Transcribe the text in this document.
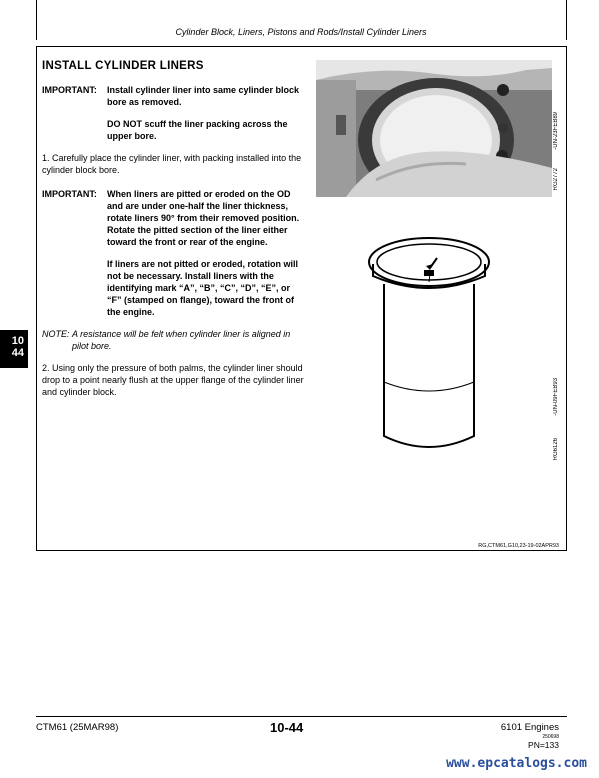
Cylinder Block, Liners, Pistons and Rods/Install Cylinder Liners
INSTALL CYLINDER LINERS
IMPORTANT:	Install cylinder liner into same cylinder block bore as removed.

DO NOT scuff the liner packing across the upper bore.

1. Carefully place the cylinder liner, with packing installed into the cylinder block bore.

IMPORTANT:	When liners are pitted or eroded on the OD and are under one-half the liner thickness, rotate liners 90° from their removed position. Rotate the pitted section of the liner either toward the front or rear of the engine.

If liners are not pitted or eroded, rotation will not be necessary. Install liners with the identifying mark “A”, “B”, “C”, “D”, “E”, or “F” (stamped on flange), toward the front of the engine.

NOTE: A resistance will be felt when cylinder liner is aligned in pilot bore.

2. Using only the pressure of both palms, the cylinder liner should drop to a point nearly flush at the upper flange of the cylinder liner and cylinder block.

-UN-23FEB89
RG2772
-UN-09FEB93
RG6126
RG,CTM61,G10,23-19-02APR93
10
44
CTM61 (25MAR98)	10-44	6101 Engines
250698
PN=133
www.epcatalogs.com
